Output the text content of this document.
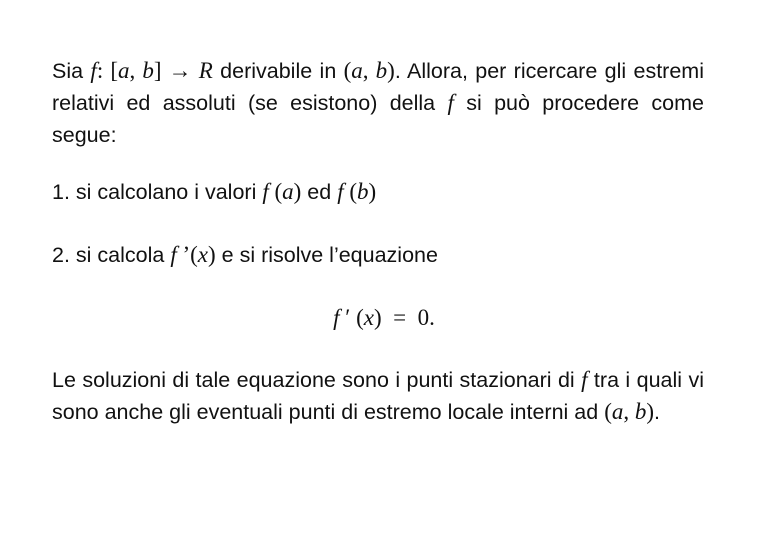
Sia f: [a, b] → R derivabile in (a, b). Allora, per ricercare gli estremi relativi ed assoluti (se esistono) della f si può procedere come segue:
1. si calcolano i valori f (a) ed f (b)
2. si calcola f ’(x) e si risolve l’equazione
f ′ (x)  =  0.
Le soluzioni di tale equazione sono i punti stazionari di f tra i quali vi sono anche gli eventuali punti di estremo locale interni ad (a, b).
